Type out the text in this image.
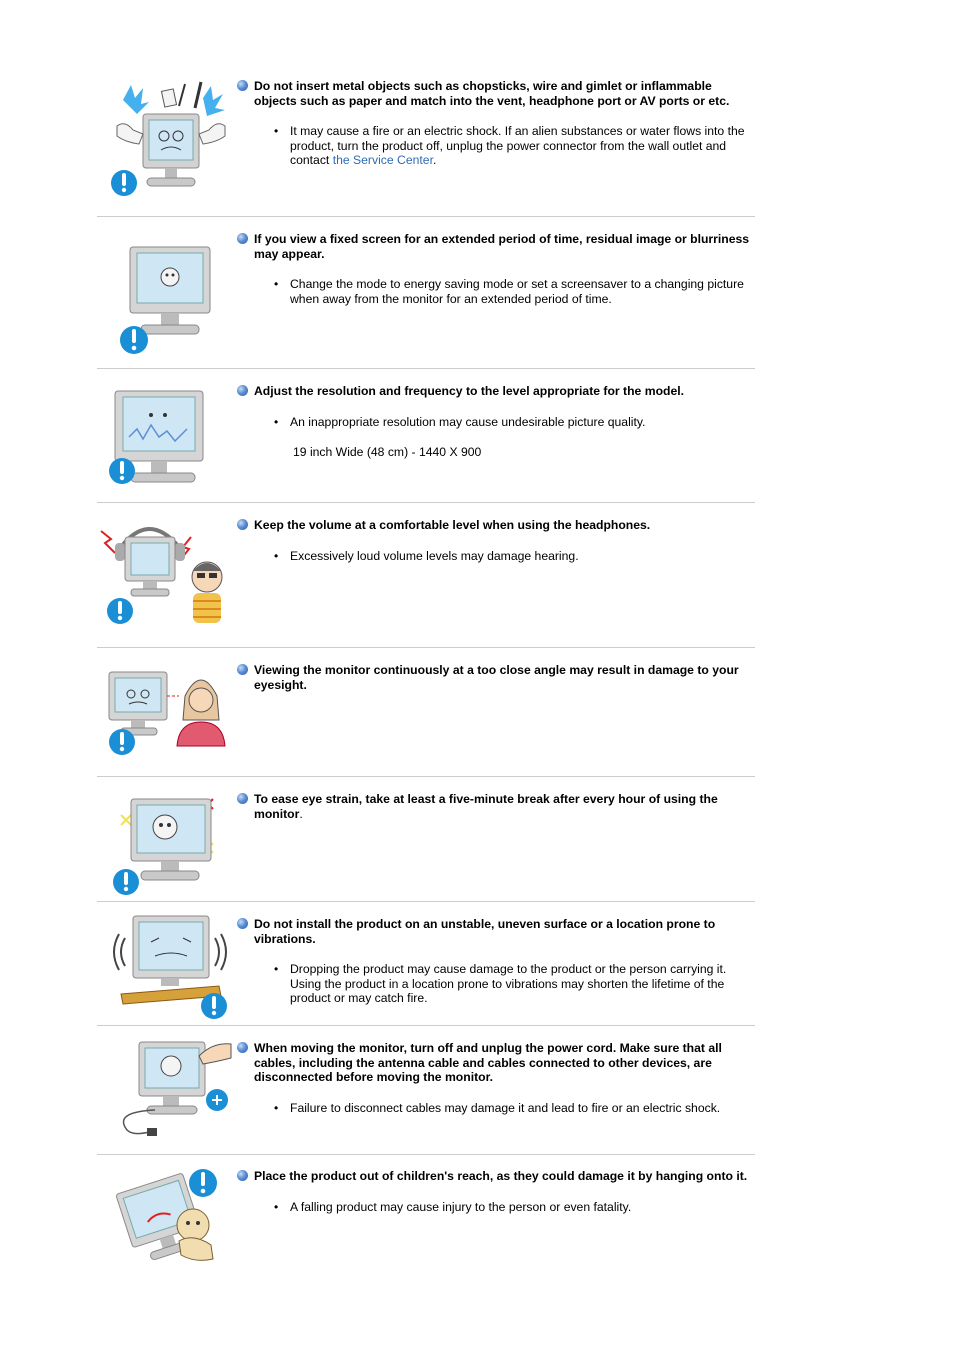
Do not insert metal objects such as chopsticks, wire and gimlet or inflammable objects such as paper and match into the vent, headphone port or AV ports or etc.
• It may cause a fire or an electric shock. If an alien substances or water flows into the product, turn the product off, unplug the power connector from the wall outlet and contact the Service Center.
If you view a fixed screen for an extended period of time, residual image or blurriness may appear.
• Change the mode to energy saving mode or set a screensaver to a changing picture when away from the monitor for an extended period of time.
Adjust the resolution and frequency to the level appropriate for the model.
• An inappropriate resolution may cause undesirable picture quality.
19 inch Wide (48 cm) - 1440 X 900
Keep the volume at a comfortable level when using the headphones.
• Excessively loud volume levels may damage hearing.
Viewing the monitor continuously at a too close angle may result in damage to your eyesight.
To ease eye strain, take at least a five-minute break after every hour of using the monitor.
Do not install the product on an unstable, uneven surface or a location prone to vibrations.
• Dropping the product may cause damage to the product or the person carrying it. Using the product in a location prone to vibrations may shorten the lifetime of the product or may catch fire.
When moving the monitor, turn off and unplug the power cord. Make sure that all cables, including the antenna cable and cables connected to other devices, are disconnected before moving the monitor.
• Failure to disconnect cables may damage it and lead to fire or an electric shock.
Place the product out of children's reach, as they could damage it by hanging onto it.
• A falling product may cause injury to the person or even fatality.
